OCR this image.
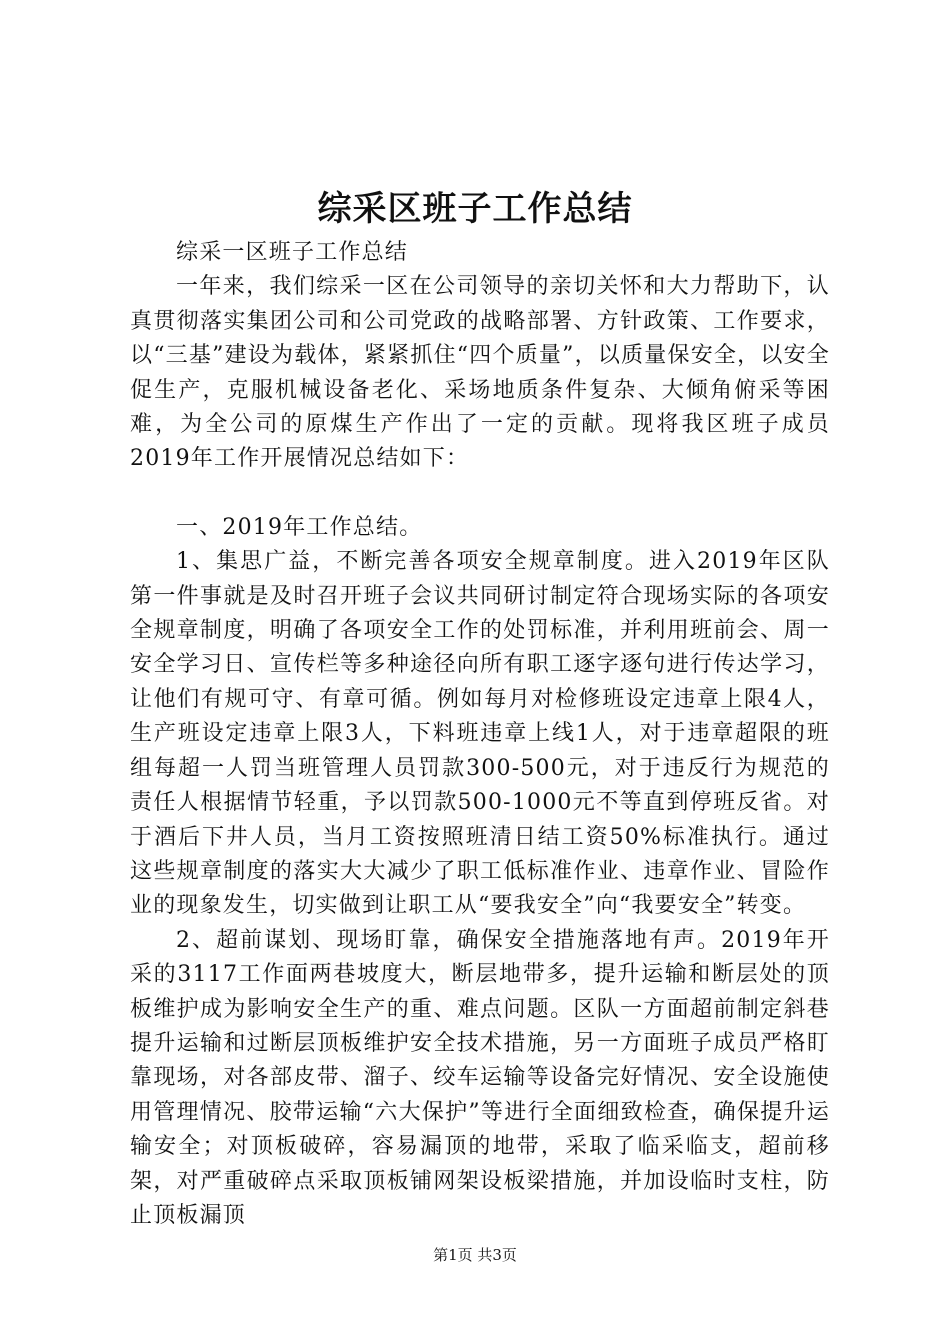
综采区班子工作总结

综采一区班子工作总结

一年来，我们综采一区在公司领导的亲切关怀和大力帮助下，认真贯彻落实集团公司和公司党政的战略部署、方针政策、工作要求，以“三基”建设为载体，紧紧抓住“四个质量”，以质量保安全，以安全促生产，克服机械设备老化、采场地质条件复杂、大倾角俯采等困难，为全公司的原煤生产作出了一定的贡献。现将我区班子成员2019年工作开展情况总结如下：

一、2019年工作总结。

1、集思广益，不断完善各项安全规章制度。进入2019年区队第一件事就是及时召开班子会议共同研讨制定符合现场实际的各项安全规章制度，明确了各项安全工作的处罚标准，并利用班前会、周一安全学习日、宣传栏等多种途径向所有职工逐字逐句进行传达学习，让他们有规可守、有章可循。例如每月对检修班设定违章上限4人，生产班设定违章上限3人，下料班违章上线1人，对于违章超限的班组每超一人罚当班管理人员罚款300-500元，对于违反行为规范的责任人根据情节轻重，予以罚款500-1000元不等直到停班反省。对于酒后下井人员，当月工资按照班清日结工资50%标准执行。通过这些规章制度的落实大大减少了职工低标准作业、违章作业、冒险作业的现象发生，切实做到让职工从“要我安全”向“我要安全”转变。

2、超前谋划、现场盯靠，确保安全措施落地有声。2019年开采的3117工作面两巷坡度大，断层地带多，提升运输和断层处的顶板维护成为影响安全生产的重、难点问题。区队一方面超前制定斜巷提升运输和过断层顶板维护安全技术措施，另一方面班子成员严格盯靠现场，对各部皮带、溜子、绞车运输等设备完好情况、安全设施使用管理情况、胶带运输“六大保护”等进行全面细致检查，确保提升运输安全；对顶板破碎，容易漏顶的地带，采取了临采临支，超前移架，对严重破碎点采取顶板铺网架设板梁措施，并加设临时支柱，防止顶板漏顶

第1页 共3页
